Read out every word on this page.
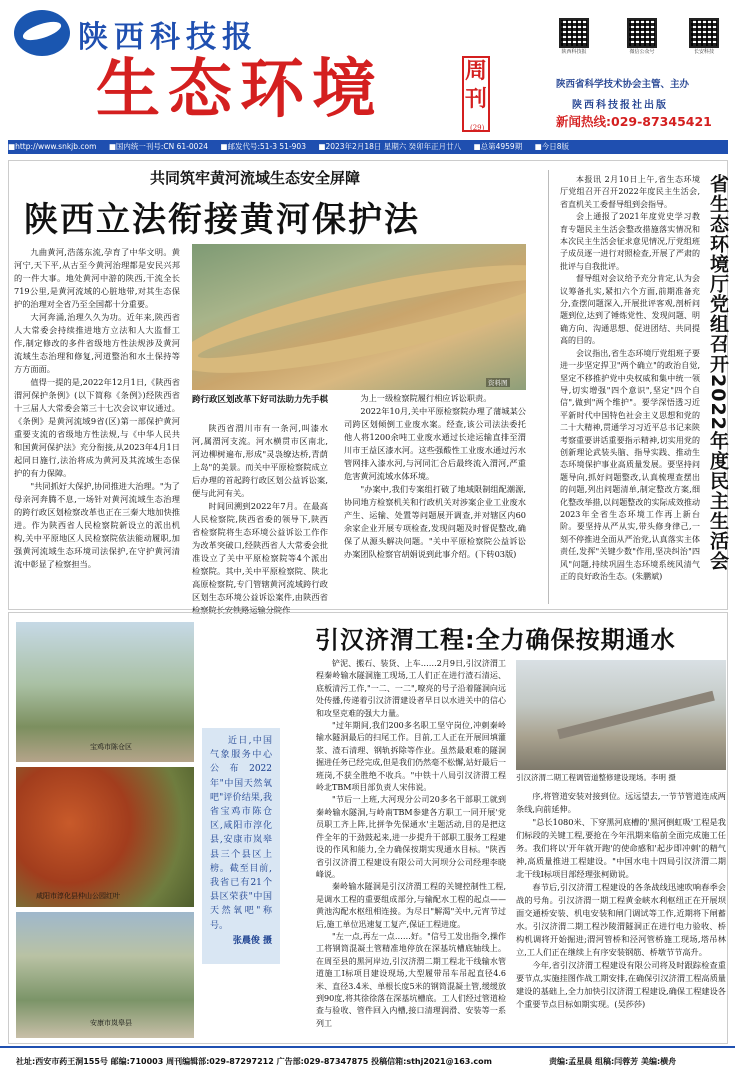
陕西科技报
生态环境	周刊
(29)
陕西科技报	微信公众号	长安科技
陕西省科学技术协会主管、主办
陕西科技报社出版
新闻热线:029-87345421
■http://www.snkjb.com ■国内统一刊号:CN 61-0024 ■邮发代号:51-3 51-903 ■2023年2月18日 星期六 癸卯年正月廿八 ■总第4959期 ■今日8版
共同筑牢黄河流域生态安全屏障
陕西立法衔接黄河保护法

九曲黄河,浩荡东流,孕育了中华文明。黄河宁,天下平,从古至今黄河治理都是安民兴邦的一件大事。地处黄河中游的陕西,干流全长719公里,是黄河流域的心脏地带,对其生态保护的治理对全省乃至全国都十分重要。

大河奔涌,治理久久为功。近年来,陕西省人大常委会持续推进地方立法和人大监督工作,制定修改的多件省级地方性法规涉及黄河流域生态治理和修复,河道整治和水土保持等方方面面。

值得一提的是,2022年12月1日,《陕西省渭河保护条例》(以下简称《条例》)经陕西省十三届人大常委会第三十七次会议审议通过。《条例》是黄河流域9省(区)第一部保护黄河重要支流的省级地方性法规,与《中华人民共和国黄河保护法》充分衔接,从2023年4月1日起同日施行,法治将成为黄河及其流域生态保护的有力保障。

"共同抓好大保护,协同推进大治理。"为了母亲河奔腾不息,一场针对黄河流域生态治理的跨行政区划检察改革也正在三秦大地加快推进。作为陕西省人民检察院新设立的派出机构,关中平原地区人民检察院依法能动履职,加强黄河流域生态环境司法保护,在守护黄河清流中彰显了检察担当。

资料图
跨行政区划改革下好司法助力先手棋

陕西省渭川市有一条河,叫漆水河,属渭河支流。河水横贯市区南北,河边柳树遍布,形成"灵袅缭达桥,青荫上岛"的美景。而关中平原检察院成立后办理的首起跨行政区划公益诉讼案,便与此河有关。

时间回溯到2022年7月。在最高人民检察院,陕西省委的领导下,陕西省检察院将生态环境公益诉讼工作作为改革突破口,经陕西省人大常委会批准设立了关中平原检察院等4个派出检察院。其中,关中平原检察院、陕北高原检察院,专门管辖黄河流域跨行政区划生态环境公益诉讼案件,由陕西省检察院长安铁路运输分院作

为上一级检察院履行相应诉讼职责。

2022年10月,关中平原检察院办理了蒲城某公司跨区划倾倒工业废水案。经查,该公司法法委托他人将1200余吨工业废水通过长途运输直排至渭川市王益区漆水河。这些强酸性工业废水通过污水管网排入漆水河,与河同汇合后最终流入渭河,严重危害黄河流域水体环境。

"办案中,我们专案组打破了地域限制组配潮源,协同地方检察机关和行政机关对涉案企业工业废水产生、运输、处置等问题展开调查,并对辖区内60余家企业开展专项检查,发现问题及时督促整改,确保了从源头解决问题。"关中平原检察院公益诉讼办案团队检察官胡娟说到此事介绍。(下转03版)

本报讯 2月10日上午,省生态环境厅党组召开召开2022年度民主生活会,省直机关工委督导组到会指导。

会上通报了2021年度党史学习教育专题民主生活会整改措施落实情况和本次民主生活会征求意见情况,厅党组班子成员逐一进行对照检查,开展了严肃的批评与自我批评。

督导组对会议给予充分肯定,认为会议筹备扎实,紧扣六个方面,前期准备充分,查摆问题深入,开展批评客观,剖析问题到位,达到了锤炼党性、发现问题、明确方向、沟通思想、促进团结、共同提高的目的。

会议指出,省生态环境厅党组班子要进一步坚定捍卫"两个确立"的政治自觉,坚定不移推护党中央权威和集中统一领导,切实增强"四个意识",坚定"四个自信",做到"两个维护"。要学深悟透习近平新时代中国特色社会主义思想和党的二十大精神,贯通学习习近平总书记来陕考察重要讲话重要指示精神,切实用党的创新理论武装头脑、指导实践、推动生态环境保护事业高质量发展。要坚持问题导向,抓好问题整改,认真梳理查摆出的问题,列出问题清单,制定整改方案,细化整改举措,以问题整改的实际成效推动2023年全省生态环境工作再上新台阶。要坚持从严从实,带头修身律己,一刻不停推进全面从严治党,认真落实主体责任,发挥"关键少数"作用,坚决纠治"四风"问题,持续巩固生态环境系统风清气正的良好政治生态。(朱鹏斌)

省生态环境厅党组召开2022年度民主生活会
宝鸡市陈仓区
咸阳市淳化县仲山公园红叶
安康市岚皋县

近日,中国气象服务中心公布2022年"中国天然氧吧"评价结果,我省宝鸡市陈仓区,咸阳市淳化县,安康市岚皋县三个县区上榜。截至目前,我省已有21个县区荣获"中国天然氧吧"称号。

张晨俊 摄
引汉济渭工程:全力确保按期通水

铲泥、搬石、装货、上车……2月9日,引汉济渭工程秦岭输水隧洞施工现场,工人们正在进行渣石清运、底板清污工作,"一二、一二",嘹亮的号子沿着隧洞向远处传播,传递着引汉济渭建设者早日以水进关中的信心和攻坚克难的强大力量。

"过年期间,我们200多名职工坚守岗位,冲刺秦岭输水隧洞最后的扫尾工作。目前,工人正在开展回填灌浆、渣石清理、钢轨拆除等作业。虽然最艰难的隧洞掘进任务已经完成,但是我们仍然毫不松懈,站好最后一班岗,不获全胜绝不收兵。"中铁十八局引汉济渭工程岭北TBM项目部负责人宋伟说。

"节后一上班,大河现分公司20多名干部职工就到秦岭输水隧洞,与岭南TBM参建各方职工一同开展'党员职工齐上阵,比拼争先保通水'主题活动,目的是把这件全年的干劲鼓起来,进一步提升干部职工服务工程建设的作风和能力,全力确保按期实现通水目标。"陕西省引汉济渭工程建设有限公司大河坝分公司经理李晓峰说。

秦岭输水隧洞是引汉济渭工程的关键控制性工程,是调水工程的重要组成部分,与输配水工程的起点——黄池沟配水枢纽相连接。为尽日"解渴"关中,元宵节过后,施工单位迅速复工复产,保证工程进度。

"左一点,再左一点……好。"信号工发出指令,操作工将钢筒混凝土管精准地停放在深基坑槽底轴线上。在周至县的黑河岸边,引汉济渭二期工程北干线输水管道施工Ⅰ标项目建设现场,大型履带吊车吊起直径4.6米、直径3.4米、单根长度5米的钢筒混凝土管,缓缓放到90度,将其徐徐落在深基坑槽底。工人们经过管道检查与验收、管件回入内槽,接口清理润滑、安装等一系列工

引汉济渭二期工程调管道整修建设现场。李明 摄

序,将管道安装对接到位。远远望去,一节节管道连成两条线,向前延伸。

"总长1080米、下穿黑河底槽的'黑河倒虹吸'工程是我们标段的关键工程,要抢在今年汛期来临前全面完成施工任务。我们将以'开年就开跑'的使命感和'起步即冲刺'的精气神,高质量推进工程建设。"中国水电十四局引汉济渭二期北干线Ⅰ标项目部经理张柯勋说。

春节后,引汉济渭工程建设的各条战线迅速吹响春季会战的号角。引汉济渭一期工程黄金峡水利枢纽正在开展坝面交通桥安装、机电安装和闸门调试等工作,近期将下闸蓄水。引汉济渭二期工程沙陵渭隧洞正在进行电力验收、桥构机调将开始掘进;渭河管桥和泾河管桥施工现场,塔吊林立,工人们正在继续上有序安装钢筋、桥墩节节高升。

今年,省引汉济渭工程建设有限公司将及时跟踪检查重要节点,实施挂图作战工期安排,在确保引汉济渭工程高质量建设的基础上,全力加快引汉济渭工程建设,确保工程建设各个重要节点目标如期实现。(吴莎莎)

社址:西安市药王洞155号 邮编:710003 周刊编辑部:029-87297212 广告部:029-87347875 投稿信箱:sthj2021@163.com	责编:孟星晨 组稿:闫蓉芳 美编:横舟
